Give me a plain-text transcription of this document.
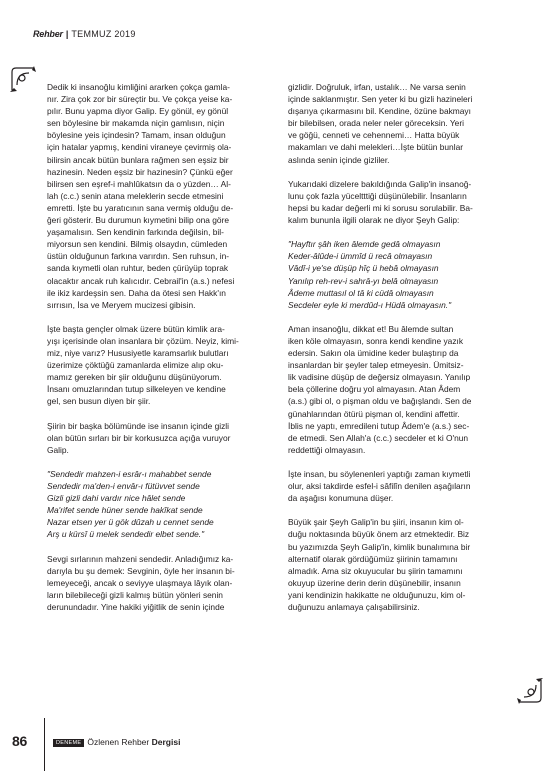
Rehber | TEMMUZ 2019

Dedik ki insanoğlu kimliğini ararken çokça gamla-

nır. Zira çok zor bir süreçtir bu. Ve çokça yeise ka-

pılır. Bunu yapma diyor Galip. Ey gönül, ey gönül

sen böylesine bir makamda niçin gamlısın, niçin

böylesine yeis içindesin? Tamam, insan olduğun

için hatalar yapmış, kendini viraneye çevirmiş ola-

bilirsin ancak bütün bunlara rağmen sen eşsiz bir

hazinesin. Neden eşsiz bir hazinesin? Çünkü eğer

bilirsen sen eşref-i mahlûkatsın da o yüzden… Al-

lah (c.c.) senin atana meleklerin secde etmesini

emretti. İşte bu yaratıcının sana vermiş olduğu de-

ğeri gösterir. Bu durumun kıymetini bilip ona göre

yaşamalısın. Sen kendinin farkında değilsin, bil-

miyorsun sen kendini. Bilmiş olsaydın, cümleden

üstün olduğunun farkına varırdın. Sen ruhsun, in-

sanda kıymetli olan ruhtur, beden çürüyüp toprak

olacaktır ancak ruh kalıcıdır. Cebrail'in (a.s.) nefesi

ile ikiz kardeşsin sen. Daha da ötesi sen Hakk'ın

sırrısın, İsa ve Meryem mucizesi gibisin.

İşte başta gençler olmak üzere bütün kimlik ara-

yışı içerisinde olan insanlara bir çözüm. Neyiz, kimi-

miz, niye varız? Hususiyetle karamsarlık bulutları

üzerimize çöktüğü zamanlarda elimize alıp oku-

mamız gereken bir şiir olduğunu düşünüyorum.

İnsanı omuzlarından tutup silkeleyen ve kendine

gel, sen busun diyen bir şiir.

Şiirin bir başka bölümünde ise insanın içinde gizli

olan bütün sırları bir bir korkusuzca açığa vuruyor

Galip.

"Sendedir mahzen-i esrâr-ı mahabbet sende

Sendedir ma'den-i envâr-ı fütüvvet sende

Gizli gizli dahi vardır nice hâlet sende

Ma'rifet sende hüner sende hakîkat sende

Nazar etsen yer ü gök dûzah u cennet sende

Arş u kürsî ü melek sendedir elbet sende."

Sevgi sırlarının mahzeni sendedir. Anladığımız ka-

darıyla bu şu demek: Sevginin, öyle her insanın bi-

lemeyeceği, ancak o seviyye ulaşmaya lâyık olan-

ların bilebileceği gizli kalmış bütün yönleri senin

derunundadır. Yine hakiki yiğitlik de senin içinde

gizlidir. Doğruluk, irfan, ustalık… Ne varsa senin

içinde saklanmıştır. Sen yeter ki bu gizli hazineleri

dışarıya çıkarmasını bil. Kendine, özüne bakmayı

bir bilebilsen, orada neler neler göreceksin. Yeri

ve göğü, cenneti ve cehennemi… Hatta büyük

makamları ve dahi melekleri…İşte bütün bunlar

aslında senin içinde gizliler.

Yukarıdaki dizelere bakıldığında Galip'in insanoğ-

lunu çok fazla yüceltttiği düşünülebilir. İnsanların

hepsi bu kadar değerli mi ki sorusu sorulabilir. Ba-

kalım bununla ilgili olarak ne diyor Şeyh Galip:

"Hayftır şâh iken âlemde gedâ olmayasın

Keder-âlûde-i ümmîd ü recâ olmayasın

Vâdî-i ye'se düşüp hîç ü hebâ olmayasın

Yanılıp reh-rev-i sahrâ-yı belâ olmayasın

Âdeme muttasıl ol tâ ki cüdâ olmayasın

Secdeler eyle ki merdûd-ı Hüdâ olmayasın."

Aman insanoğlu, dikkat et! Bu âlemde sultan

iken köle olmayasın, sonra kendi kendine yazık

edersin. Sakın ola ümidine keder bulaştırıp da

insanlardan bir şeyler talep etmeyesin. Ümitsiz-

lik vadisine düşüp de değersiz olmayasın. Yanılıp

bela çöllerine doğru yol almayasın. Atan Âdem

(a.s.) gibi ol, o pişman oldu ve bağışlandı. Sen de

günahlarından ötürü pişman ol, kendini affettir.

İblis ne yaptı, emredileni tutup Âdem'e (a.s.) sec-

de etmedi. Sen Allah'a (c.c.) secdeler et ki O'nun

reddettiği olmayasın.

İşte insan, bu söylenenleri yaptığı zaman kıymetli

olur, aksi takdirde esfel-i sâfilîn denilen aşağıların

da aşağısı konumuna düşer.

Büyük şair Şeyh Galip'in bu şiiri, insanın kim ol-

duğu noktasında büyük önem arz etmektedir. Biz

bu yazımızda Şeyh Galip'in, kimlik bunalımına bir

alternatif olarak gördüğümüz şiirinin tamamını

almadık. Ama siz okuyucular bu şiirin tamamını

okuyup üzerine derin derin düşünebilir, insanın

yani kendinizin hakikatte ne olduğunuzu, kim ol-

duğunuzu anlamaya çalışabilirsiniz.

86	DENEME Özlenen Rehber Dergisi
